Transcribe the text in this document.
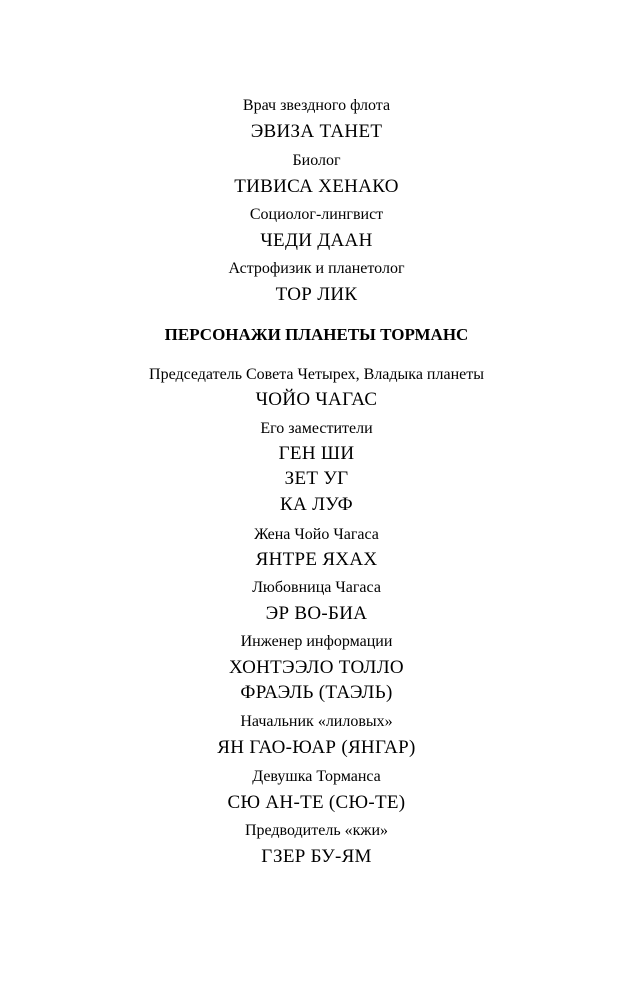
Врач звездного флота
ЭВИЗА ТАНЕТ
Биолог
ТИВИСА ХЕНАКО
Социолог-лингвист
ЧЕДИ ДААН
Астрофизик и планетолог
ТОР ЛИК
ПЕРСОНАЖИ ПЛАНЕТЫ ТОРМАНС
Председатель Совета Четырех, Владыка планеты
ЧОЙО ЧАГАС
Его заместители
ГЕН ШИ
ЗЕТ УГ
КА ЛУФ
Жена Чойо Чагаса
ЯНТРЕ ЯХАХ
Любовница Чагаса
ЭР ВО-БИА
Инженер информации
ХОНТЭЭЛО ТОЛЛО
ФРАЭЛЬ (ТАЭЛЬ)
Начальник «лиловых»
ЯН ГАО-ЮАР (ЯНГАР)
Девушка Торманса
СЮ АН-ТЕ (СЮ-ТЕ)
Предводитель «кжи»
ГЗЕР БУ-ЯМ
